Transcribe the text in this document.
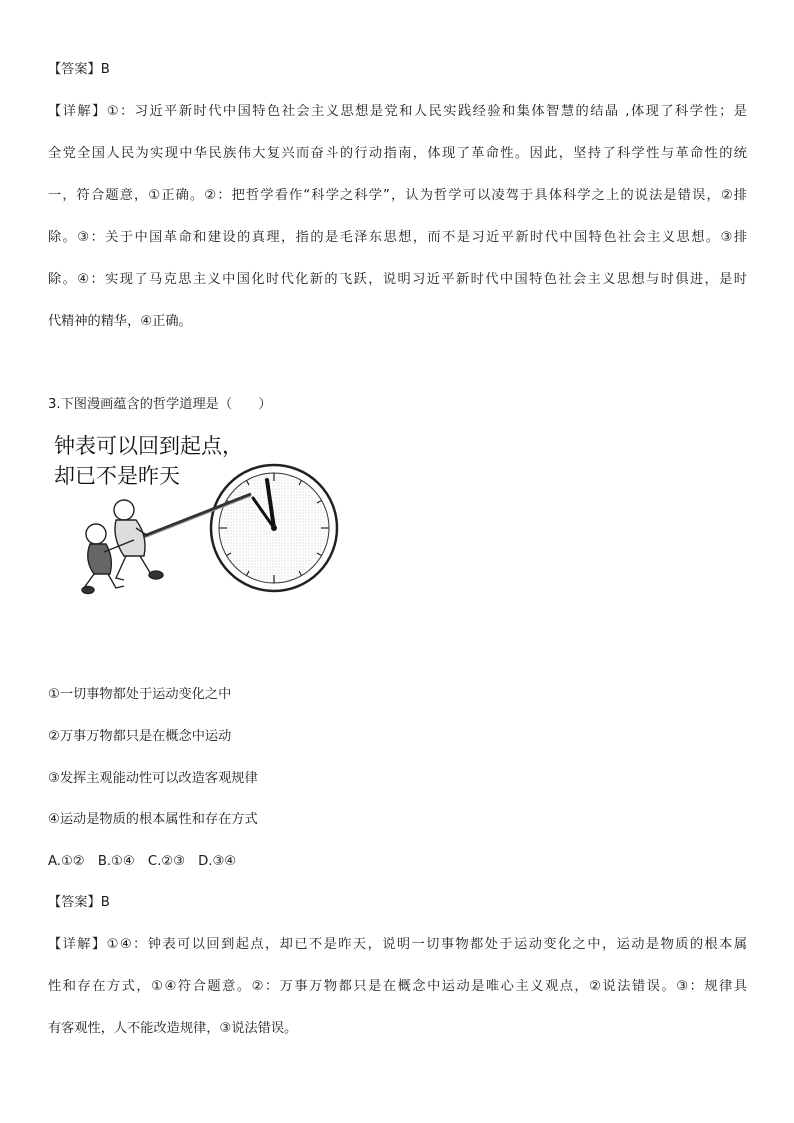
【答案】B
【详解】①：习近平新时代中国特色社会主义思想是党和人民实践经验和集体智慧的结晶 ,体现了科学性；是
全党全国人民为实现中华民族伟大复兴而奋斗的行动指南，体现了革命性。因此，坚持了科学性与革命性的统
一，符合题意，①正确。②：把哲学看作“科学之科学”，认为哲学可以凌驾于具体科学之上的说法是错误，②排
除。③：关于中国革命和建设的真理，指的是毛泽东思想，而不是习近平新时代中国特色社会主义思想。③排
除。④：实现了马克思主义中国化时代化新的飞跃，说明习近平新时代中国特色社会主义思想与时俱进，是时
代精神的精华，④正确。
3.下图漫画蕴含的哲学道理是（　　）
钟表可以回到起点，
却已不是昨天
①一切事物都处于运动变化之中
②万事万物都只是在概念中运动
③发挥主观能动性可以改造客观规律
④运动是物质的根本属性和存在方式
A.①②　B.①④　C.②③　D.③④
【答案】B
【详解】①④：钟表可以回到起点，却已不是昨天，说明一切事物都处于运动变化之中，运动是物质的根本属
性和存在方式，①④符合题意。②：万事万物都只是在概念中运动是唯心主义观点，②说法错误。③：规律具
有客观性，人不能改造规律，③说法错误。
